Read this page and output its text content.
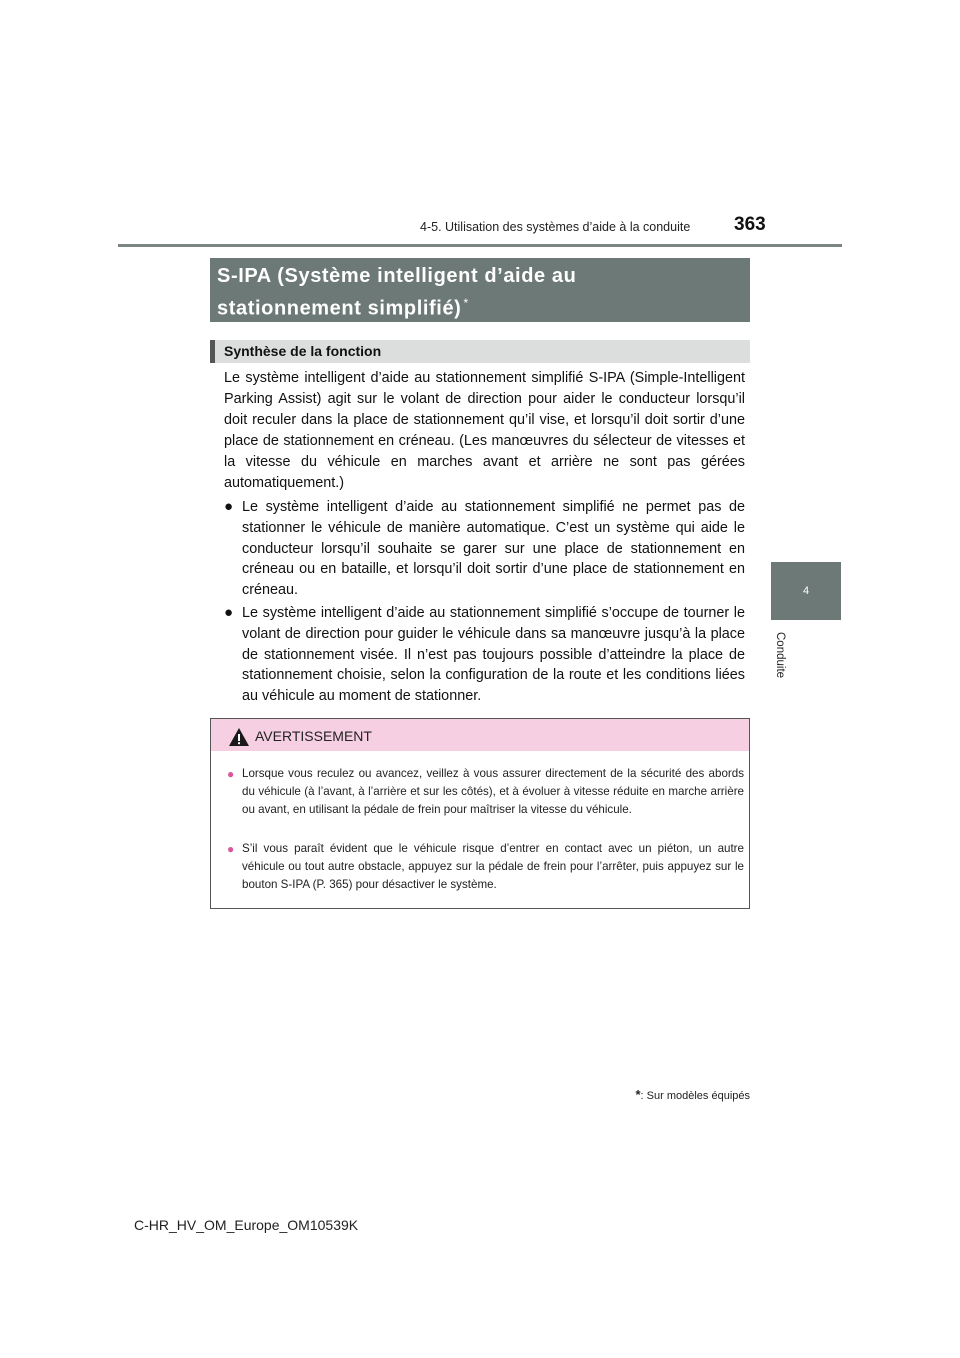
4-5. Utilisation des systèmes d’aide à la conduite	363
4
Conduite
S-IPA (Système intelligent d’aide au
stationnement simplifié) *
Synthèse de la fonction

Le système intelligent d’aide au stationnement simplifié S-IPA (Simple-Intelligent Parking Assist) agit sur le volant de direction pour aider le conducteur lorsqu’il doit reculer dans la place de stationnement qu’il vise, et lorsqu’il doit sortir d’une place de stationnement en créneau. (Les manœuvres du sélecteur de vitesses et la vitesse du véhicule en marches avant et arrière ne sont pas gérées automatiquement.)

● Le système intelligent d’aide au stationnement simplifié ne permet pas de stationner le véhicule de manière automatique. C’est un système qui aide le conducteur lorsqu’il souhaite se garer sur une place de stationnement en créneau ou en bataille, et lorsqu’il doit sortir d’une place de stationnement en créneau.
● Le système intelligent d’aide au stationnement simplifié s’occupe de tourner le volant de direction pour guider le véhicule dans sa manœuvre jusqu’à la place de stationnement visée. Il n’est pas toujours possible d’atteindre la place de stationnement choisie, selon la configuration de la route et les conditions liées au véhicule au moment de stationner.
AVERTISSEMENT
● Lorsque vous reculez ou avancez, veillez à vous assurer directement de la sécurité des abords du véhicule (à l’avant, à l’arrière et sur les côtés), et à évoluer à vitesse réduite en marche arrière ou avant, en utilisant la pédale de frein pour maîtriser la vitesse du véhicule.
● S’il vous paraît évident que le véhicule risque d’entrer en contact avec un piéton, un autre véhicule ou tout autre obstacle, appuyez sur la pédale de frein pour l’arrêter, puis appuyez sur le bouton S-IPA (P. 365) pour désactiver le système.
*: Sur modèles équipés
C-HR_HV_OM_Europe_OM10539K
